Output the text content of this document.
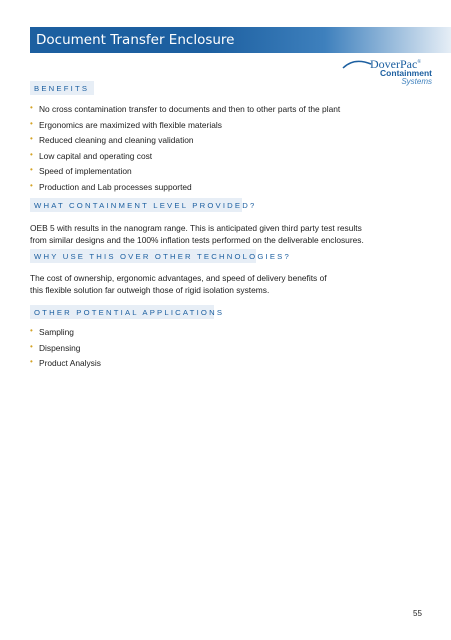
Document Transfer Enclosure
DoverPac®
Containment
Systems
BENEFITS
• No cross contamination transfer to documents and then to other parts of the plant
• Ergonomics are maximized with flexible materials
• Reduced cleaning and cleaning validation
• Low capital and operating cost
• Speed of implementation
• Production and Lab processes supported
WHAT CONTAINMENT LEVEL PROVIDED?

OEB 5 with results in the nanogram range. This is anticipated given third party test results
from similar designs and the 100% inflation tests performed on the deliverable enclosures.

WHY USE THIS OVER OTHER TECHNOLOGIES?

The cost of ownership, ergonomic advantages, and speed of delivery benefits of
this flexible solution far outweigh those of rigid isolation systems.

OTHER POTENTIAL APPLICATIONS
• Sampling
• Dispensing
• Product Analysis
55
